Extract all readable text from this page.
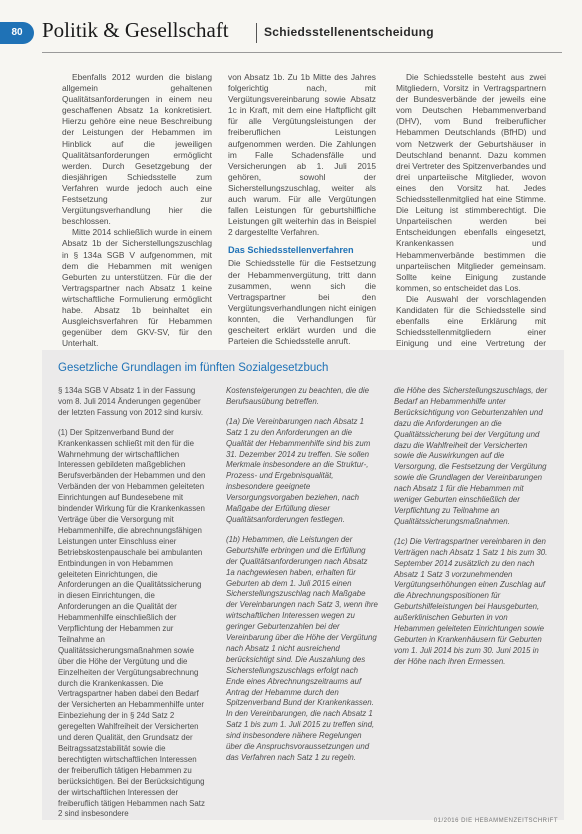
80 Politik & Gesellschaft	Schiedsstellenentscheidung

Ebenfalls 2012 wurden die bislang allgemein gehaltenen Qualitätsanforderungen in einem neu geschaffenen Absatz 1a konkretisiert. Hierzu gehöre eine neue Beschreibung der Leistungen der Hebammen im Hinblick auf die jeweiligen Qualitätsanforderungen ermöglicht werden. Durch Gesetzgebung der diesjährigen Schiedsstelle zum Verfahren wurde jedoch auch eine Festsetzung zur Vergütungsverhandlung hier die beschlossen.

Mitte 2014 schließlich wurde in einem Absatz 1b der Sicherstellungszuschlag in § 134a SGB V aufgenommen, mit dem die Hebammen mit wenigen Geburten zu unterstützen. Für die der Vertragspartner nach Absatz 1 keine wirtschaftliche Formulierung ermöglicht habe. Absatz 1b beinhaltet ein Ausgleichsverfahren für Hebammen gegenüber dem GKV-SV, für den Unterhalt.

von Absatz 1b. Zu 1b Mitte des Jahres folgerichtig nach, mit Vergütungsvereinbarung sowie Absatz 1c in Kraft, mit dem eine Haftpflicht gilt für alle Vergütungsleistungen der freiberuflichen Leistungen aufgenommen werden. Die Zahlungen im Falle Schadensfälle und Versicherungen ab 1. Juli 2015 gehören, sowohl der Sicherstellungszuschlag, weiter als auch warum. Für alle Vergütungen fallen Leistungen für geburtshilfliche Leistungen gilt weiterhin das in Beispiel 2 dargestellte Verfahren.

Das Schiedsstellenverfahren

Die Schiedsstelle für die Festsetzung der Hebammenvergütung, tritt dann zusammen, wenn sich die Vertragspartner bei den Vergütungsverhandlungen nicht einigen konnten, die Verhandlungen für gescheitert erklärt wurden und die Parteien die Schiedsstelle anruft.

Die Schiedsstelle besteht aus zwei Mitgliedern, Vorsitz in Vertragspartnern der Bundesverbände der jeweils eine vom Deutschen Hebammenverband (DHV), vom Bund freiberuflicher Hebammen Deutschlands (BfHD) und vom Netzwerk der Geburtshäuser in Deutschland benannt. Dazu kommen drei Vertreter des Spitzenverbandes und drei unparteiische Mitglieder, wovon eines den Vorsitz hat. Jedes Schiedsstellenmitglied hat eine Stimme. Die Leitung ist stimmberechtigt. Die Unparteiischen werden bei Entscheidungen ebenfalls eingesetzt, Krankenkassen und Hebammenverbände bestimmen die unparteiischen Mitglieder gemeinsam. Sollte keine Einigung zustande kommen, so entscheidet das Los.

Die Auswahl der vorschlagenden Kandidaten für die Schiedsstelle sind ebenfalls eine Erklärung mit Schiedsstellenmitgliedern einer Einigung und eine Vertretung der

Gesetzliche Grundlagen im fünften Sozialgesetzbuch

§ 134a SGB V Absatz 1 in der Fassung vom 8. Juli 2014 Änderungen gegenüber der letzten Fassung von 2012 sind kursiv.

(1) Der Spitzenverband Bund der Krankenkassen schließt mit den für die Wahrnehmung der wirtschaftlichen Interessen gebildeten maßgeblichen Berufsverbänden der Hebammen und den Verbänden der von Hebammen geleiteten Einrichtungen auf Bundesebene mit bindender Wirkung für die Krankenkassen Verträge über die Versorgung mit Hebammenhilfe, die abrechnungsfähigen Leistungen unter Einschluss einer Betriebskostenpauschale bei ambulanten Entbindungen in von Hebammen geleiteten Einrichtungen, die Anforderungen an die Qualitätssicherung in diesen Einrichtungen, die Anforderungen an die Qualität der Hebammenhilfe einschließlich der Verpflichtung der Hebammen zur Teilnahme an Qualitätssicherungsmaßnahmen sowie über die Höhe der Vergütung und die Einzelheiten der Vergütungsabrechnung durch die Krankenkassen. Die Vertragspartner haben dabei den Bedarf der Versicherten an Hebammenhilfe unter Einbeziehung der in § 24d Satz 2 geregelten Wahlfreiheit der Versicherten und deren Qualität, den Grundsatz der Beitragssatzstabilität sowie die berechtigten wirtschaftlichen Interessen der freiberuflich tätigen Hebammen zu berücksichtigen. Bei der Berücksichtigung der wirtschaftlichen Interessen der freiberuflich tätigen Hebammen nach Satz 2 sind insbesondere

Kostensteigerungen zu beachten, die die Berufsausübung betreffen.

(1a) Die Vereinbarungen nach Absatz 1 Satz 1 zu den Anforderungen an die Qualität der Hebammenhilfe sind bis zum 31. Dezember 2014 zu treffen. Sie sollen Merkmale insbesondere an die Struktur-, Prozess- und Ergebnisqualität, insbesondere geeignete Versorgungsvorgaben beziehen, nach Maßgabe der Erfüllung dieser Qualitätsanforderungen festlegen.

(1b) Hebammen, die Leistungen der Geburtshilfe erbringen und die Erfüllung der Qualitätsanforderungen nach Absatz 1a nachgewiesen haben, erhalten für Geburten ab dem 1. Juli 2015 einen Sicherstellungszuschlag nach Maßgabe der Vereinbarungen nach Satz 3, wenn ihre wirtschaftlichen Interessen wegen zu geringer Geburtenzahlen bei der Vereinbarung über die Höhe der Vergütung nach Absatz 1 nicht ausreichend berücksichtigt sind. Die Auszahlung des Sicherstellungszuschlags erfolgt nach Ende eines Abrechnungszeitraums auf Antrag der Hebamme durch den Spitzenverband Bund der Krankenkassen. In den Vereinbarungen, die nach Absatz 1 Satz 1 bis zum 1. Juli 2015 zu treffen sind, sind insbesondere nähere Regelungen über die Anspruchsvoraussetzungen und das Verfahren nach Satz 1 zu regeln.

die Höhe des Sicherstellungszuschlags, der Bedarf an Hebammenhilfe unter Berücksichtigung von Geburtenzahlen und dazu die Anforderungen an die Qualitätssicherung bei der Vergütung und dazu die Wahlfreiheit der Versicherten sowie die Auswirkungen auf die Versorgung, die Festsetzung der Vergütung sowie die Grundlagen der Vereinbarungen nach Absatz 1 für die Hebammen mit weniger Geburten einschließlich der Verpflichtung zu Teilnahme an Qualitätssicherungsmaßnahmen.

(1c) Die Vertragspartner vereinbaren in den Verträgen nach Absatz 1 Satz 1 bis zum 30. September 2014 zusätzlich zu den nach Absatz 1 Satz 3 vorzunehmenden Vergütungserhöhungen einen Zuschlag auf die Abrechnungspositionen für Geburtshilfeleistungen bei Hausgeburten, außerklinischen Geburten in von Hebammen geleiteten Einrichtungen sowie Geburten in Krankenhäusern für Geburten vom 1. Juli 2014 bis zum 30. Juni 2015 in der Höhe nach ihren Ermessen.

01/2016 DIE HEBAMMENZEITSCHRIFT
